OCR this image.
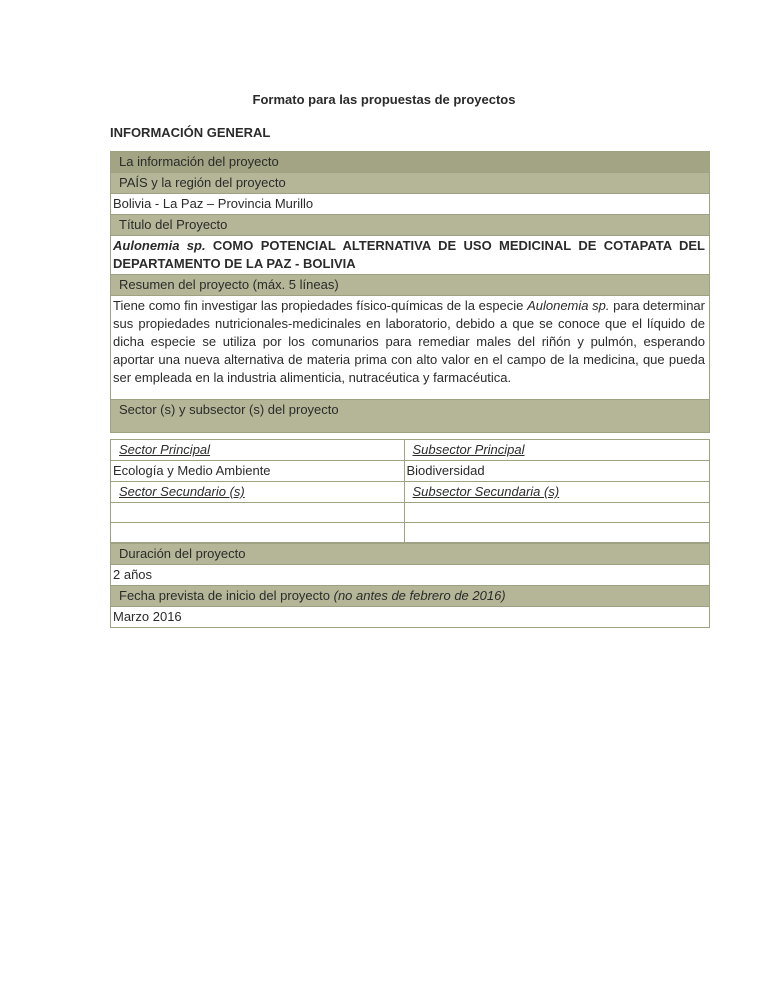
Formato para las propuestas de proyectos
INFORMACIÓN GENERAL
La información del proyecto
PAÍS y la región del proyecto
Bolivia - La Paz – Provincia Murillo
Título del Proyecto
Aulonemia sp. COMO POTENCIAL ALTERNATIVA DE USO MEDICINAL DE COTAPATA DEL DEPARTAMENTO DE LA PAZ - BOLIVIA
Resumen del proyecto (máx. 5 líneas)
Tiene como fin investigar las propiedades físico-químicas de la especie Aulonemia sp. para determinar sus propiedades nutricionales-medicinales en laboratorio, debido a que se conoce que el líquido de dicha especie se utiliza por los comunarios para remediar males del riñón y pulmón, esperando aportar una nueva alternativa de materia prima con alto valor en el campo de la medicina, que pueda ser empleada en la industria alimenticia, nutracéutica y farmacéutica.

Sector (s) y subsector (s) del proyecto
Sector Principal	Subsector Principal
Ecología y Medio Ambiente	Biodiversidad
Sector Secundario (s)	Subsector Secundaria (s)

Duración del proyecto
2 años
Fecha prevista de inicio del proyecto (no antes de febrero de 2016)
Marzo 2016
